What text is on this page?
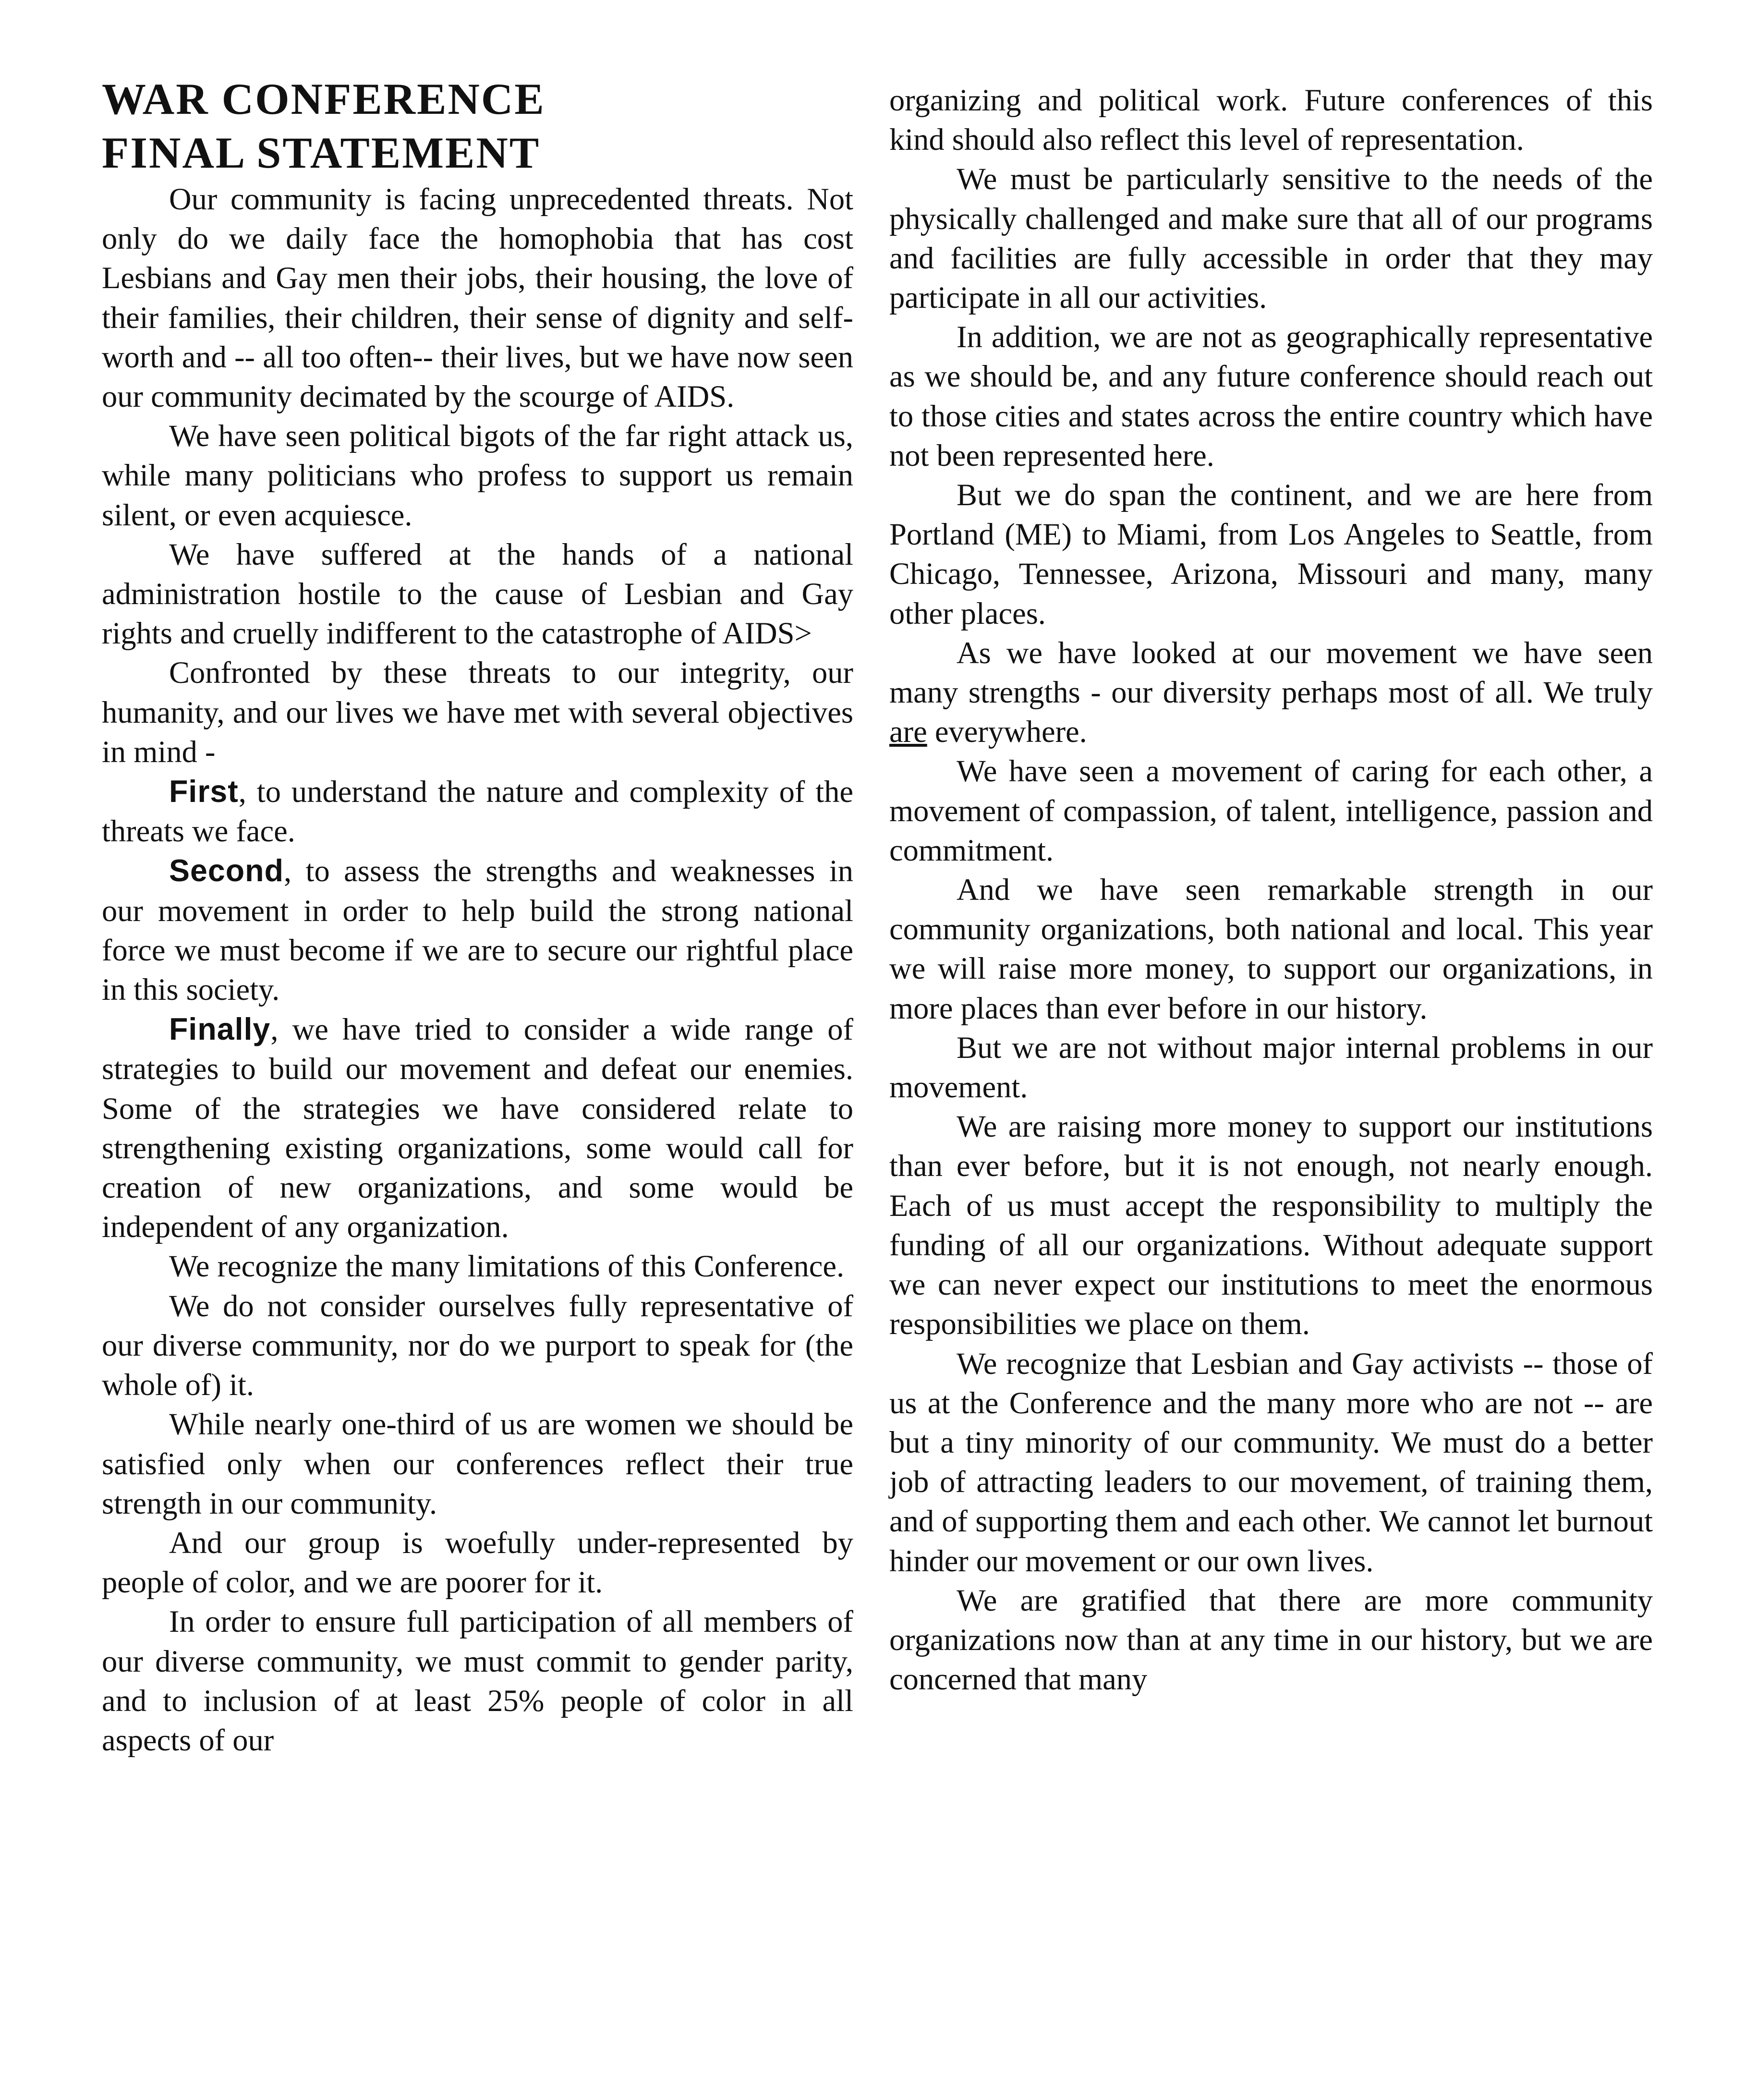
WAR CONFERENCE
FINAL STATEMENT

Our community is facing unprecedented threats. Not only do we daily face the homophobia that has cost Lesbians and Gay men their jobs, their housing, the love of their families, their children, their sense of dignity and self-worth and -- all too often-- their lives, but we have now seen our community decimated by the scourge of AIDS.

We have seen political bigots of the far right attack us, while many politicians who profess to support us remain silent, or even acquiesce.

We have suffered at the hands of a national administration hostile to the cause of Lesbian and Gay rights and cruelly indifferent to the catastrophe of AIDS>

Confronted by these threats to our integrity, our humanity, and our lives we have met with several objectives in mind -

First, to understand the nature and complexity of the threats we face.

Second, to assess the strengths and weaknesses in our movement in order to help build the strong national force we must become if we are to secure our rightful place in this society.

Finally, we have tried to consider a wide range of strategies to build our movement and defeat our enemies. Some of the strategies we have considered relate to strengthening existing organizations, some would call for creation of new organizations, and some would be independent of any organization.

We recognize the many limitations of this Conference.

We do not consider ourselves fully representative of our diverse community, nor do we purport to speak for (the whole of) it.

While nearly one-third of us are women we should be satisfied only when our conferences reflect their true strength in our community.

And our group is woefully under-represented by people of color, and we are poorer for it.

In order to ensure full participation of all members of our diverse community, we must commit to gender parity, and to inclusion of at least 25% people of color in all aspects of our

organizing and political work. Future conferences of this kind should also reflect this level of representation.

We must be particularly sensitive to the needs of the physically challenged and make sure that all of our programs and facilities are fully accessible in order that they may participate in all our activities.

In addition, we are not as geographically representative as we should be, and any future conference should reach out to those cities and states across the entire country which have not been represented here.

But we do span the continent, and we are here from Portland (ME) to Miami, from Los Angeles to Seattle, from Chicago, Tennessee, Arizona, Missouri and many, many other places.

As we have looked at our movement we have seen many strengths - our diversity perhaps most of all. We truly are everywhere.

We have seen a movement of caring for each other, a movement of compassion, of talent, intelligence, passion and commitment.

And we have seen remarkable strength in our community organizations, both national and local. This year we will raise more money, to support our organizations, in more places than ever before in our history.

But we are not without major internal problems in our movement.

We are raising more money to support our institutions than ever before, but it is not enough, not nearly enough. Each of us must accept the responsibility to multiply the funding of all our organizations. Without adequate support we can never expect our institutions to meet the enormous responsibilities we place on them.

We recognize that Lesbian and Gay activists -- those of us at the Conference and the many more who are not -- are but a tiny minority of our community. We must do a better job of attracting leaders to our movement, of training them, and of supporting them and each other. We cannot let burnout hinder our movement or our own lives.

We are gratified that there are more community organizations now than at any time in our history, but we are concerned that many
